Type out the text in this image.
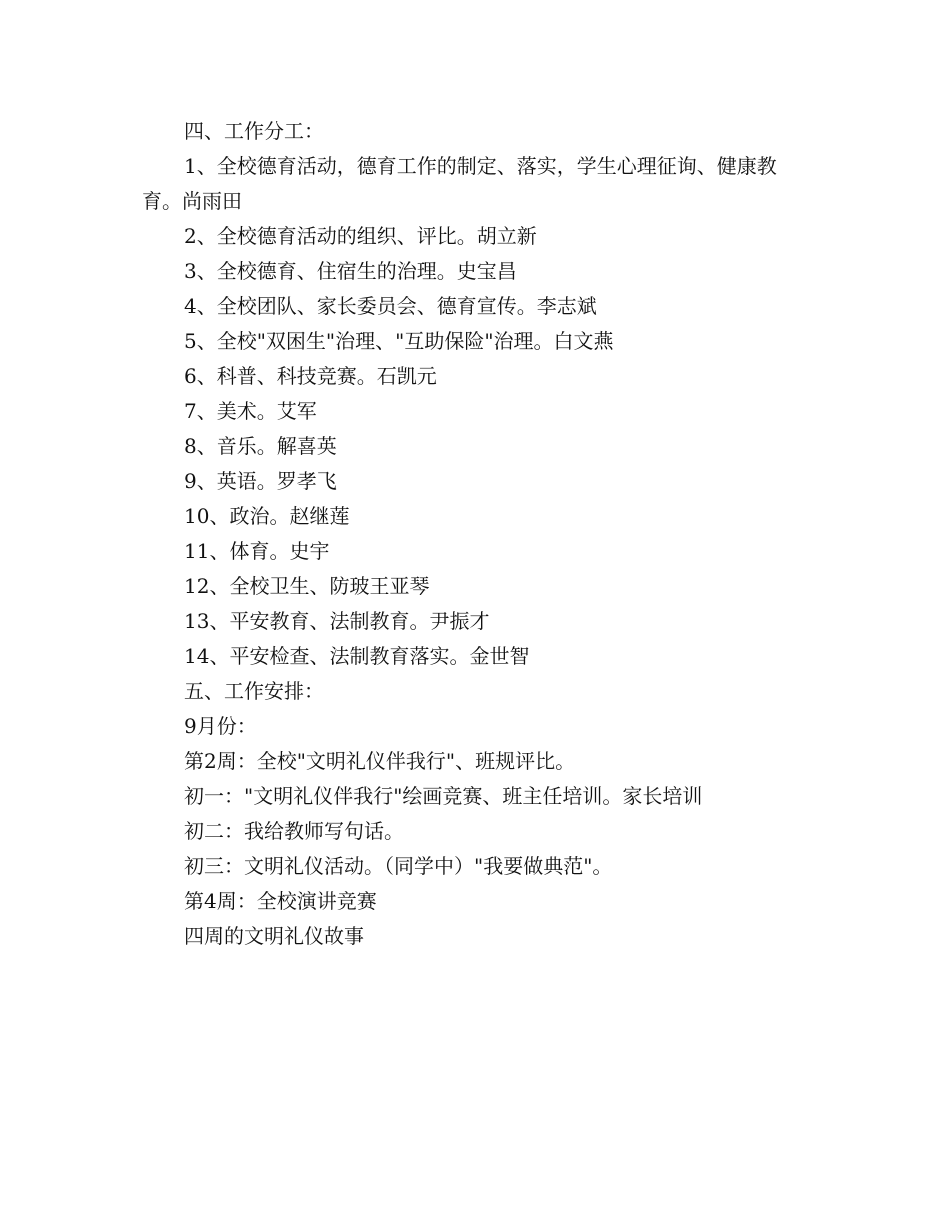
四、工作分工：

1、全校德育活动，德育工作的制定、落实，学生心理征询、健康教育。尚雨田

2、全校德育活动的组织、评比。胡立新

3、全校德育、住宿生的治理。史宝昌

4、全校团队、家长委员会、德育宣传。李志斌

5、全校"双困生"治理、"互助保险"治理。白文燕

6、科普、科技竞赛。石凯元

7、美术。艾军

8、音乐。解喜英

9、英语。罗孝飞

10、政治。赵继莲

11、体育。史宇

12、全校卫生、防玻王亚琴

13、平安教育、法制教育。尹振才

14、平安检查、法制教育落实。金世智

五、工作安排：

9月份：

第2周：全校"文明礼仪伴我行"、班规评比。

初一："文明礼仪伴我行"绘画竞赛、班主任培训。家长培训

初二：我给教师写句话。

初三：文明礼仪活动。（同学中）"我要做典范"。

第4周：全校演讲竞赛

四周的文明礼仪故事
